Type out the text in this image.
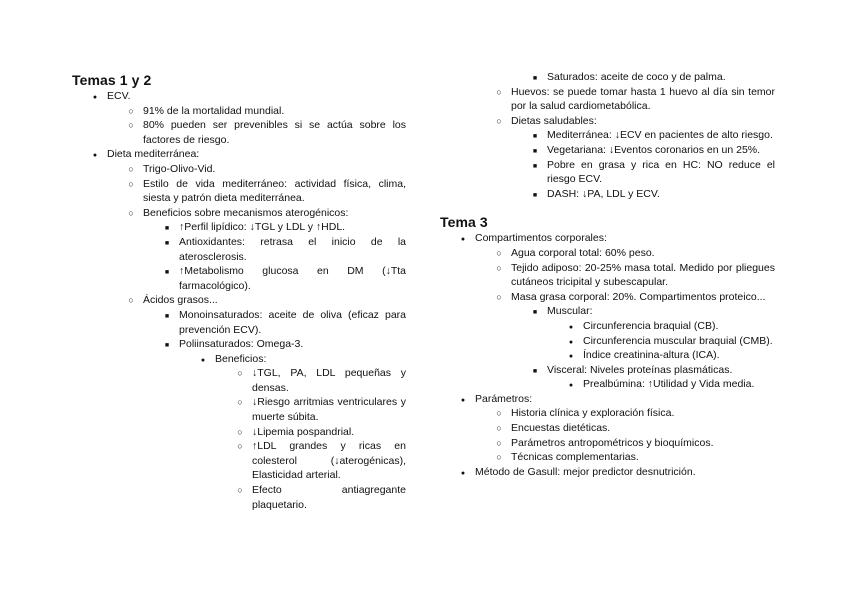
Temas 1 y 2
●
ECV.
○
91% de la mortalidad mundial.
○
80% pueden ser prevenibles si se actúa sobre los factores de riesgo.
●
Dieta mediterránea:
○
Trigo-Olivo-Vid.
○
Estilo de vida mediterráneo: actividad física, clima, siesta y patrón dieta mediterránea.
○
Beneficios sobre mecanismos aterogénicos:
■
↑Perfil lipídico: ↓TGL y LDL y ↑HDL.
■
Antioxidantes: retrasa el inicio de la aterosclerosis.
■
↑Metabolismo glucosa en DM (↓Tta farmacológico).
○
Ácidos grasos...
■
Monoinsaturados: aceite de oliva (eficaz para prevención ECV).
■
Poliinsaturados: Omega-3.
●
Beneficios:
○
↓TGL, PA, LDL pequeñas y densas.
○
↓Riesgo arritmias ventriculares y muerte súbita.
○
↓Lipemia pospandrial.
○
↑LDL grandes y ricas en colesterol (↓aterogénicas), Elasticidad arterial.
○
Efecto antiagregante plaquetario.
■
Saturados: aceite de coco y de palma.
○
Huevos: se puede tomar hasta 1 huevo al día sin temor por la salud cardiometabólica.
○
Dietas saludables:
■
Mediterránea: ↓ECV en pacientes de alto riesgo.
■
Vegetariana: ↓Eventos coronarios en un 25%.
■
Pobre en grasa y rica en HC: NO reduce el riesgo ECV.
■
DASH: ↓PA, LDL y ECV.
Tema 3
●
Compartimentos corporales:
○
Agua corporal total: 60% peso.
○
Tejido adiposo: 20-25% masa total. Medido por pliegues cutáneos tricipital y subescapular.
○
Masa grasa corporal: 20%. Compartimentos proteico...
■
Muscular:
●
Circunferencia braquial (CB).
●
Circunferencia muscular braquial (CMB).
●
Índice creatinina-altura (ICA).
■
Visceral: Niveles proteínas plasmáticas.
●
Prealbúmina: ↑Utilidad y Vida media.
●
Parámetros:
○
Historia clínica y exploración física.
○
Encuestas dietéticas.
○
Parámetros antropométricos y bioquímicos.
○
Técnicas complementarias.
●
Método de Gasull: mejor predictor desnutrición.
